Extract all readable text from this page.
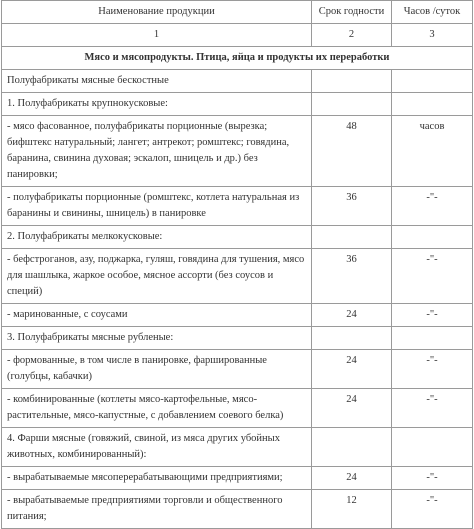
Наименование продукции	Срок годности	Часов /суток
1	2	3
Мясо и мясопродукты. Птица, яйца и продукты их переработки		
Полуфабрикаты мясные бескостные		
1. Полуфабрикаты крупнокусковые:		
- мясо фасованное, полуфабрикаты порционные (вырезка; бифштекс натуральный; лангет; антрекот; ромштекс; говядина, баранина, свинина духовая; эскалоп, шницель и др.) без панировки;	48	часов
- полуфабрикаты порционные (ромштекс, котлета натуральная из баранины и свинины, шницель) в панировке	36	-"-
2. Полуфабрикаты мелкокусковые:		
- бефстроганов, азу, поджарка, гуляш, говядина для тушения, мясо для шашлыка, жаркое особое, мясное ассорти (без соусов и специй)	36	-"-
- маринованные, с соусами	24	-"-
3. Полуфабрикаты мясные рубленые:		
- формованные, в том числе в панировке, фаршированные (голубцы, кабачки)	24	-"-
- комбинированные (котлеты мясо-картофельные, мясо-растительные, мясо-капустные, с добавлением соевого белка)	24	-"-
4. Фарши мясные (говяжий, свиной, из мяса других убойных животных, комбинированный):		
- вырабатываемые мясоперерабатывающими предприятиями;	24	-"-
- вырабатываемые предприятиями торговли и общественного питания;	12	-"-
